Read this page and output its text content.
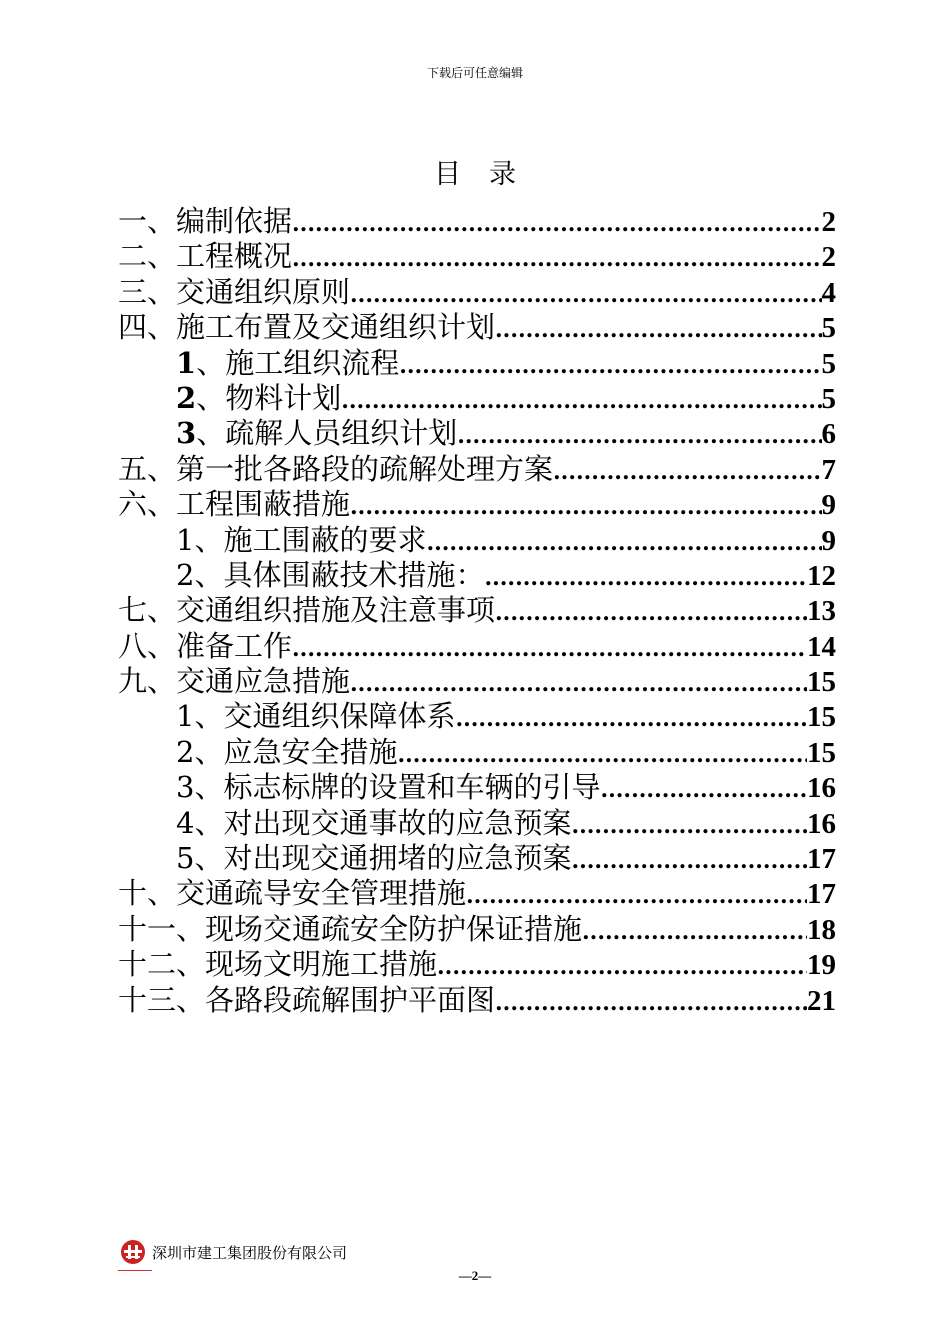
下载后可任意编辑
目录
一、编制依据 .....	2
二、工程概况 .....	2
三、交通组织原则 .....	4
四、施工布置及交通组织计划 .....	5
1、施工组织流程 .....	5
2、物料计划 .....	5
3、疏解人员组织计划 .....	6
五、第一批各路段的疏解处理方案 .....	7
六、工程围蔽措施 .....	9
1、施工围蔽的要求 .....	9
2、具体围蔽技术措施： .....	12
七、交通组织措施及注意事项 .....	13
八、准备工作 .....	14
九、交通应急措施 .....	15
1、交通组织保障体系 .....	15
2、应急安全措施 .....	15
3、标志标牌的设置和车辆的引导 .....	16
4、对出现交通事故的应急预案 .....	16
5、对出现交通拥堵的应急预案 .....	17
十、交通疏导安全管理措施 .....	17
十一、现场交通疏安全防护保证措施 .....	18
十二、现场文明施工措施 .....	19
十三、各路段疏解围护平面图 .....	21
深圳市建工集团股份有限公司
—2—
